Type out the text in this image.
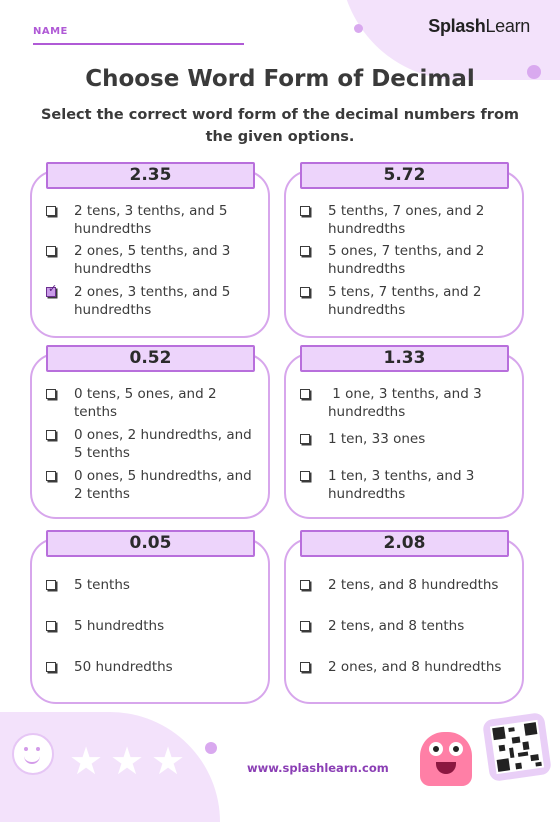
NAME	SplashLearn
Choose Word Form of Decimal
Select the correct word form of the decimal numbers from the given options.
2.35
2 tens, 3 tenths, and 5 hundredths
2 ones, 5 tenths, and 3 hundredths
✓ 2 ones, 3 tenths, and 5 hundredths
5.72
5 tenths, 7 ones, and 2 hundredths
5 ones, 7 tenths, and 2 hundredths
5 tens, 7 tenths, and 2 hundredths
0.52
0 tens, 5 ones, and 2 tenths
0 ones, 2 hundredths, and 5 tenths
0 ones, 5 hundredths, and 2 tenths
1.33
1 one, 3 tenths, and 3 hundredths
1 ten, 33 ones
1 ten, 3 tenths, and 3 hundredths
0.05
5 tenths
5 hundredths
50 hundredths
2.08
2 tens, and 8 hundredths
2 tens, and 8 tenths
2 ones, and 8 hundredths
★ ★ ★	www.splashlearn.com
